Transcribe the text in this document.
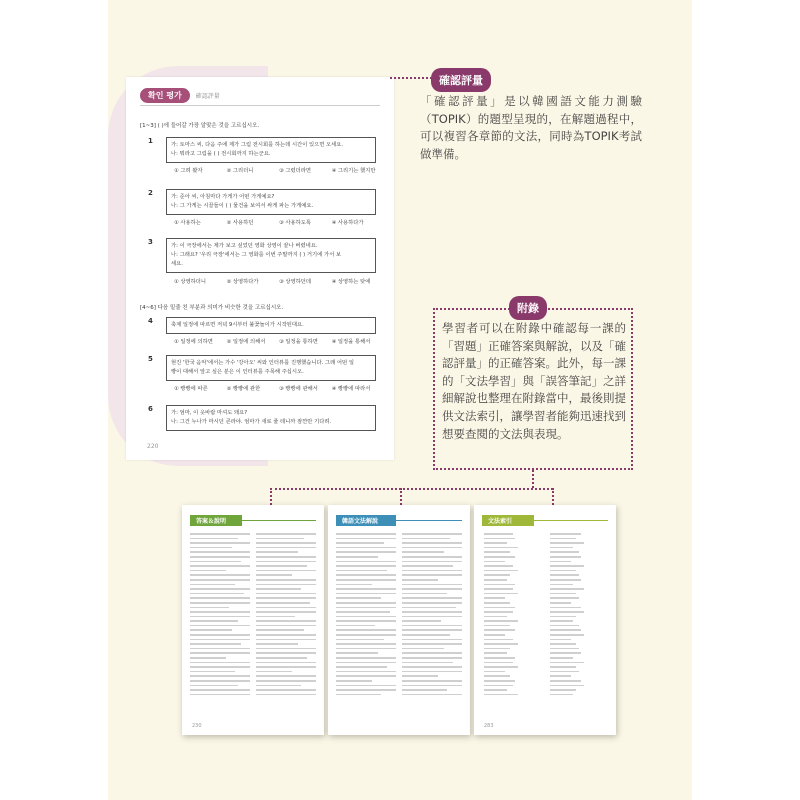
확인 평가	確認評量
[1~3] ( )에 들어갈 가장 알맞은 것을 고르십시오.
1	가: 토마스 씨, 다음 주에 제가 그림 전시회를 하는데 시간이 있으면 오세요.

나: 뭐라고 그림을 ( ) 전시회까지 하는군요.

① 그려 봤자	② 그리더니	③ 그렸더라면	④ 그리기는 했지만
2	가: 준아 씨, 아침마다 가게가 어떤 가게예요?

나: 그 가게는 시끌들이 ( ) 물건을 보여서 싸게 파는 가게예요.

① 사용하는	② 사용하던	③ 사용하도록	④ 사용하다가
3	가: 이 극장에서는 제가 보고 싶었던 영화 상영이 끝나 버렸네요.

나: 그래요? '우리 극장'에서는 그 영화를 이번 주말까지 ( ) 거기에 가서 보

세요.

① 상영하더니	② 상영하다가	③ 상영하던데	④ 상영하는 탓에
[4~6] 다음 밑줄 친 부분과 의미가 비슷한 것을 고르십시오.
4	축제 일정에 따르면 저녁 9시부터 불꽃놀이가 시작된대요.

① 일정에 의하면	② 일정에 의해서	③ 일정을 통하면	④ 일정을 통해서
5	현진 '한국 음악'에서는 가수 '강아오' 씨와 인터뷰를 진행했습니다. 그래 어떤 일

빵이 대해서 앞고 싶은 분은 이 인터뷰를 주목해 주십시오.

① 빵빵에 따른	② 빵빵에 관한	③ 빵빵에 관해서	④ 빵빵에 따라서
6	가: 엄마, 이 옷바람 마셔도 돼요?

나: 그건 누나가 마시던 콘라야. 엄마가 새로 줄 테니까 잠깐만 기다려.

220
確認評量
「確認評量」是以韓國語文能力測驗（TOPIK）的題型呈現的，在解題過程中，可以複習各章節的文法，同時為TOPIK考試做準備。
附錄
學習者可以在附錄中確認每一課的「習題」正確答案與解說，以及「確認評量」的正確答案。此外，每一課的「文法學習」與「誤答筆記」之詳細解說也整理在附錄當中，最後則提供文法索引，讓學習者能夠迅速找到想要查閱的文法與表現。
答案＆說明
230
韓語文法解說	文法索引
283
